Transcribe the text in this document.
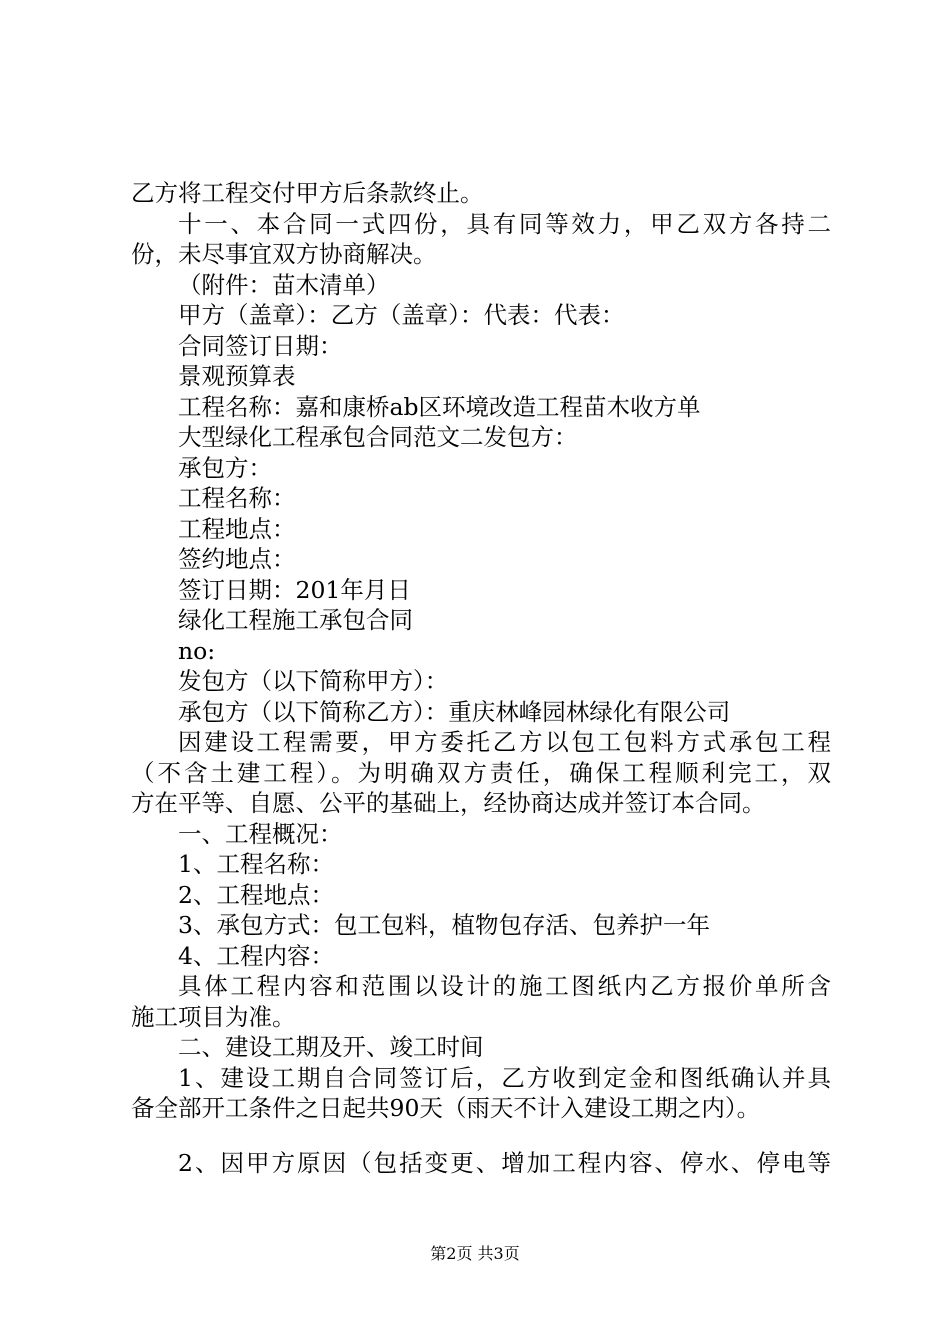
乙方将工程交付甲方后条款终止。
十一、本合同一式四份，具有同等效力，甲乙双方各持二
份，未尽事宜双方协商解决。
（附件：苗木清单）
甲方（盖章）：乙方（盖章）：代表：代表：
合同签订日期：
景观预算表
工程名称：嘉和康桥ab区环境改造工程苗木收方单
大型绿化工程承包合同范文二发包方：
承包方：
工程名称：
工程地点：
签约地点：
签订日期：201年月日
绿化工程施工承包合同
no:
发包方（以下简称甲方）：
承包方（以下简称乙方）：重庆林峰园林绿化有限公司
因建设工程需要，甲方委托乙方以包工包料方式承包工程
（不含土建工程）。为明确双方责任，确保工程顺利完工，双
方在平等、自愿、公平的基础上，经协商达成并签订本合同。
一、工程概况：
1、工程名称：
2、工程地点：
3、承包方式：包工包料，植物包存活、包养护一年
4、工程内容：
具体工程内容和范围以设计的施工图纸内乙方报价单所含
施工项目为准。
二、建设工期及开、竣工时间
1、建设工期自合同签订后，乙方收到定金和图纸确认并具
备全部开工条件之日起共90天（雨天不计入建设工期之内）。
2、因甲方原因（包括变更、增加工程内容、停水、停电等
第2页 共3页
